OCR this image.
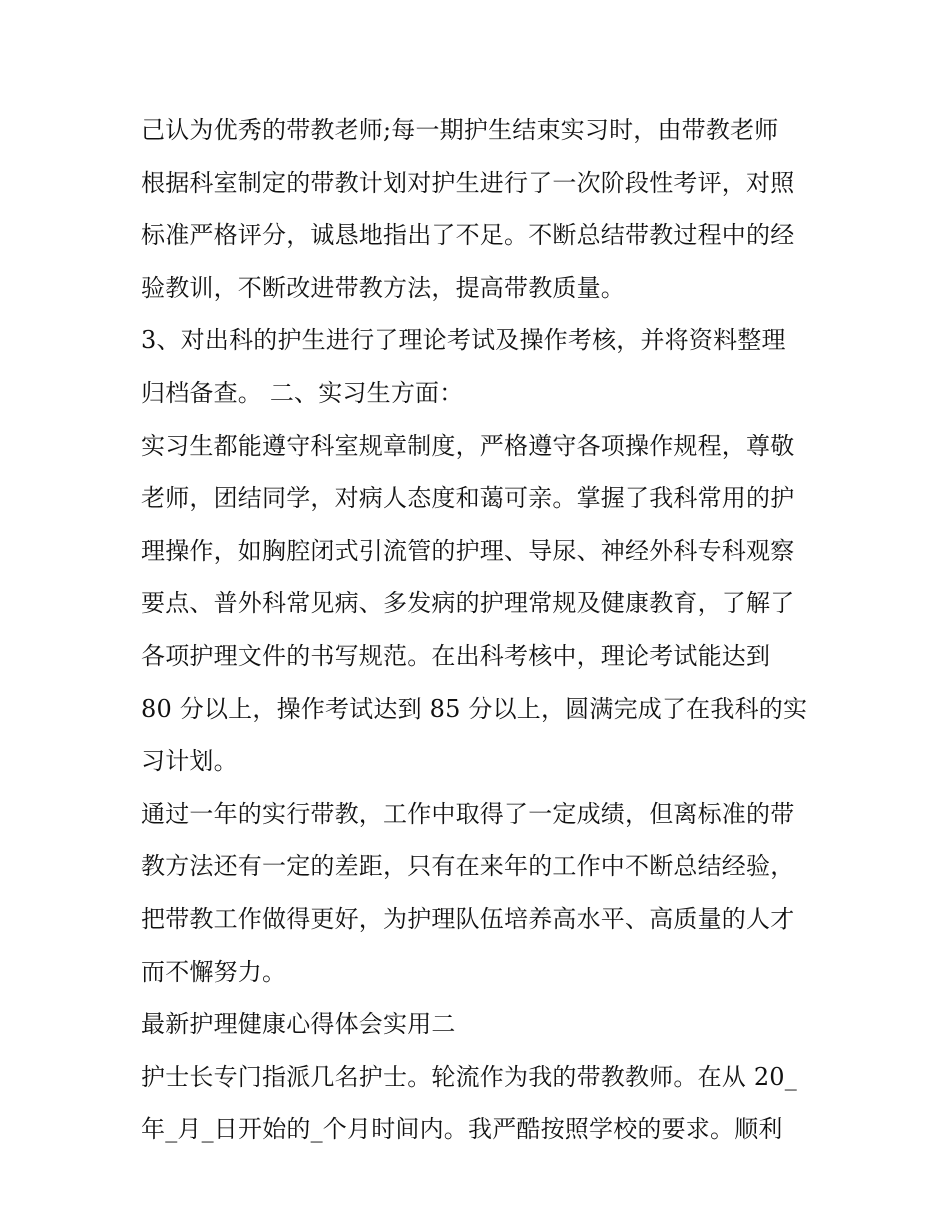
己认为优秀的带教老师;每一期护生结束实习时，由带教老师
根据科室制定的带教计划对护生进行了一次阶段性考评，对照
标准严格评分，诚恳地指出了不足。不断总结带教过程中的经
验教训，不断改进带教方法，提高带教质量。
3、对出科的护生进行了理论考试及操作考核，并将资料整理
归档备查。 二、实习生方面：
实习生都能遵守科室规章制度，严格遵守各项操作规程，尊敬
老师，团结同学，对病人态度和蔼可亲。掌握了我科常用的护
理操作，如胸腔闭式引流管的护理、导尿、神经外科专科观察
要点、普外科常见病、多发病的护理常规及健康教育，了解了
各项护理文件的书写规范。在出科考核中，理论考试能达到
80 分以上，操作考试达到 85 分以上，圆满完成了在我科的实
习计划。
通过一年的实行带教，工作中取得了一定成绩，但离标准的带
教方法还有一定的差距，只有在来年的工作中不断总结经验，
把带教工作做得更好，为护理队伍培养高水平、高质量的人才
而不懈努力。
最新护理健康心得体会实用二
护士长专门指派几名护士。轮流作为我的带教教师。在从 20_
年_月_日开始的_个月时间内。我严酷按照学校的要求。顺利
